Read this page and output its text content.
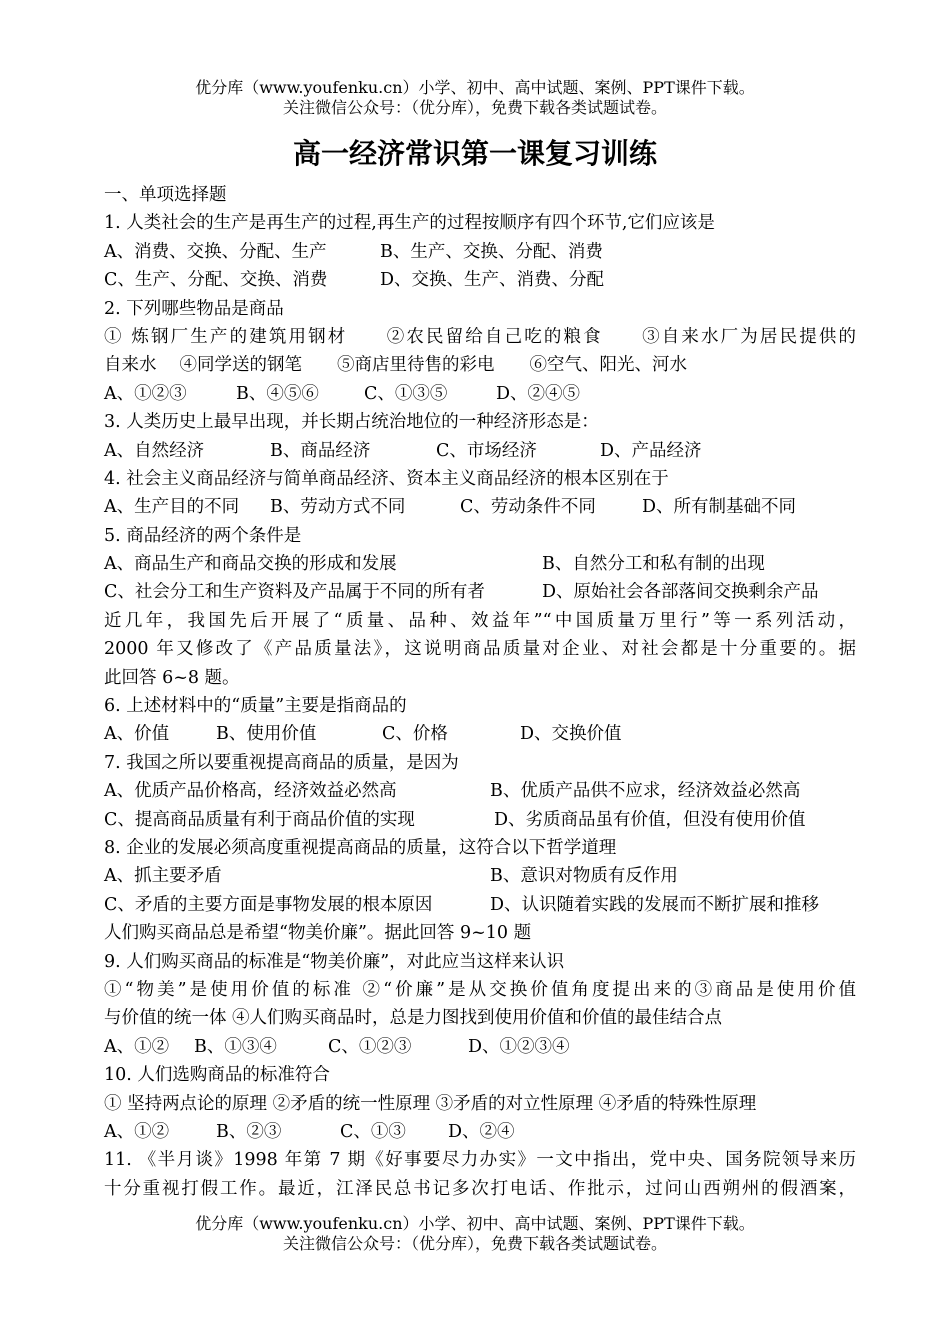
优分库（www.youfenku.cn）小学、初中、高中试题、案例、PPT课件下载。
关注微信公众号：（优分库），免费下载各类试题试卷。
高一经济常识第一课复习训练
一、单项选择题
1. 人类社会的生产是再生产的过程,再生产的过程按顺序有四个环节,它们应该是
A、消费、交换、分配、生产	B、生产、交换、分配、消费
C、生产、分配、交换、消费	D、交换、生产、消费、分配
2. 下列哪些物品是商品
① 炼钢厂生产的建筑用钢材　　②农民留给自己吃的粮食　　③自来水厂为居民提供的
自来水　 ④同学送的钢笔　　⑤商店里待售的彩电　　⑥空气、阳光、河水
A、①②③	B、④⑤⑥	C、①③⑤	D、②④⑤
3. 人类历史上最早出现，并长期占统治地位的一种经济形态是：
A、自然经济	B、商品经济	C、市场经济	D、产品经济
4. 社会主义商品经济与简单商品经济、资本主义商品经济的根本区别在于
A、生产目的不同 B、劳动方式不同	C、劳动条件不同	D、所有制基础不同
5. 商品经济的两个条件是
A、商品生产和商品交换的形成和发展	B、自然分工和私有制的出现
C、社会分工和生产资料及产品属于不同的所有者	D、原始社会各部落间交换剩余产品
近几年，我国先后开展了“质量、品种、效益年”“中国质量万里行”等一系列活动，
2000 年又修改了《产品质量法》，这说明商品质量对企业、对社会都是十分重要的。据
此回答 6~8 题。
6. 上述材料中的“质量”主要是指商品的
A、价值	B、使用价值	C、价格	D、交换价值
7. 我国之所以要重视提高商品的质量，是因为
A、优质产品价格高，经济效益必然高	B、优质产品供不应求，经济效益必然高
C、提高商品质量有利于商品价值的实现	D、劣质商品虽有价值，但没有使用价值
8. 企业的发展必须高度重视提高商品的质量，这符合以下哲学道理
A、抓主要矛盾	B、意识对物质有反作用
C、矛盾的主要方面是事物发展的根本原因	D、认识随着实践的发展而不断扩展和推移
人们购买商品总是希望“物美价廉”。据此回答 9~10 题
9. 人们购买商品的标准是“物美价廉”，对此应当这样来认识
①“物美”是使用价值的标准 ②“价廉”是从交换价值角度提出来的③商品是使用价值
与价值的统一体 ④人们购买商品时，总是力图找到使用价值和价值的最佳结合点
A、①② B、①③④	C、①②③	D、①②③④
10. 人们选购商品的标准符合
① 坚持两点论的原理 ②矛盾的统一性原理 ③矛盾的对立性原理 ④矛盾的特殊性原理
A、①②	B、②③	C、①③ D、②④
11. 《半月谈》1998 年第 7 期《好事要尽力办实》一文中指出，党中央、国务院领导来历
十分重视打假工作。最近，江泽民总书记多次打电话、作批示，过问山西朔州的假酒案，
优分库（www.youfenku.cn）小学、初中、高中试题、案例、PPT课件下载。
关注微信公众号：（优分库），免费下载各类试题试卷。
